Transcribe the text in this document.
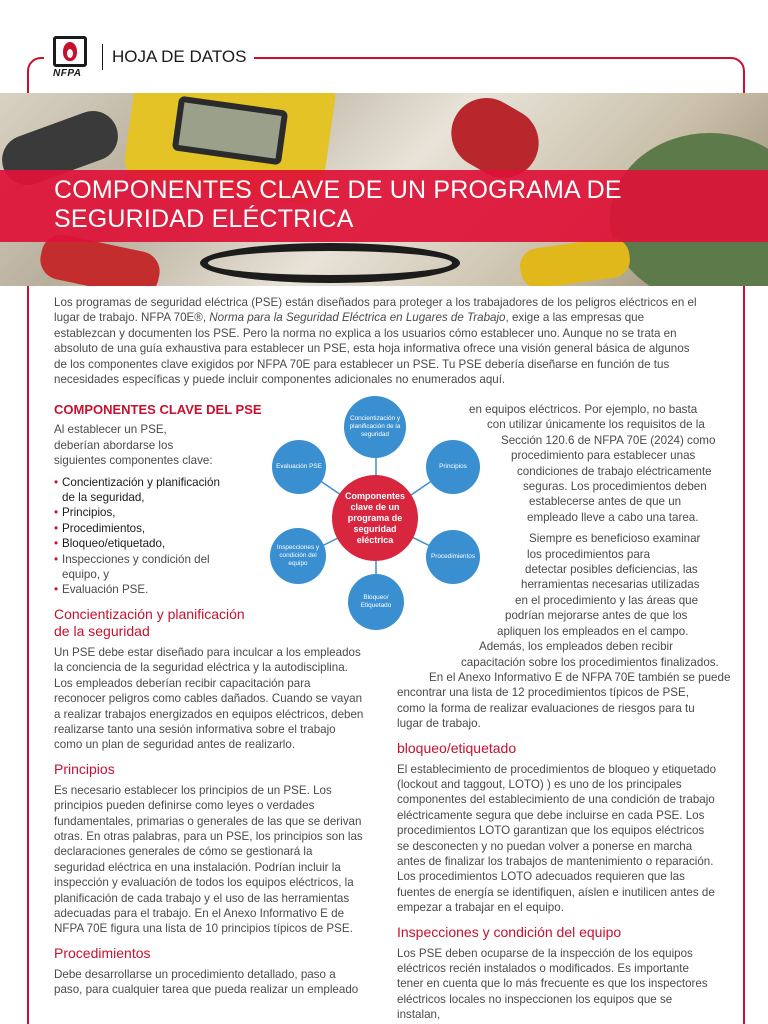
NFPA
HOJA DE DATOS
COMPONENTES CLAVE DE UN PROGRAMA DE SEGURIDAD ELÉCTRICA
Los programas de seguridad eléctrica (PSE) están diseñados para proteger a los trabajadores de los peligros eléctricos en el lugar de trabajo. NFPA 70E®, Norma para la Seguridad Eléctrica en Lugares de Trabajo, exige a las empresas que establezcan y documenten los PSE. Pero la norma no explica a los usuarios cómo establecer uno. Aunque no se trata en absoluto de una guía exhaustiva para establecer un PSE, esta hoja informativa ofrece una visión general básica de algunos de los componentes clave exigidos por NFPA 70E para establecer un PSE. Tu PSE debería diseñarse en función de tus necesidades específicas y puede incluir componentes adicionales no enumerados aquí.
COMPONENTES CLAVE DEL PSE
Al establecer un PSE, deberían abordarse los siguientes componentes clave:
• Concientización y planificación de la seguridad,
• Principios,
• Procedimientos,
• Bloqueo/etiquetado,
• Inspecciones y condición del equipo, y
• Evaluación PSE.
Concientización y planificación de la seguridad

Un PSE debe estar diseñado para inculcar a los empleados la conciencia de la seguridad eléctrica y la autodisciplina. Los empleados deberían recibir capacitación para reconocer peligros como cables dañados. Cuando se vayan a realizar trabajos energizados en equipos eléctricos, deben realizarse tanto una sesión informativa sobre el trabajo como un plan de seguridad antes de realizarlo.

Principios

Es necesario establecer los principios de un PSE. Los principios pueden definirse como leyes o verdades fundamentales, primarias o generales de las que se derivan otras. En otras palabras, para un PSE, los principios son las declaraciones generales de cómo se gestionará la seguridad eléctrica en una instalación. Podrían incluir la inspección y evaluación de todos los equipos eléctricos, la planificación de cada trabajo y el uso de las herramientas adecuadas para el trabajo. En el Anexo Informativo E de NFPA 70E figura una lista de 10 principios típicos de PSE.

Procedimientos

Debe desarrollarse un procedimiento detallado, paso a paso, para cualquier tarea que pueda realizar un empleado

Concientización y planificación de la seguridad
Principios
Procedimientos
Bloqueo/ Etiquetado
Inspecciones y condición del equipo
Evaluación PSE
Componentes clave de un programa de seguridad eléctrica
en equipos eléctricos. Por ejemplo, no basta
con utilizar únicamente los requisitos de la
Sección 120.6 de NFPA 70E (2024) como
procedimiento para establecer unas
condiciones de trabajo eléctricamente
seguras. Los procedimientos deben
establecerse antes de que un
empleado lleve a cabo una tarea.
Siempre es beneficioso examinar
los procedimientos para
detectar posibles deficiencias, las
herramientas necesarias utilizadas
en el procedimiento y las áreas que
podrían mejorarse antes de que los
apliquen los empleados en el campo.
Además, los empleados deben recibir
capacitación sobre los procedimientos finalizados.
En el Anexo Informativo E de NFPA 70E también se puede

encontrar una lista de 12 procedimientos típicos de PSE, como la forma de realizar evaluaciones de riesgos para tu lugar de trabajo.

bloqueo/etiquetado

El establecimiento de procedimientos de bloqueo y etiquetado (lockout and taggout, LOTO) ) es uno de los principales componentes del establecimiento de una condición de trabajo eléctricamente segura que debe incluirse en cada PSE. Los procedimientos LOTO garantizan que los equipos eléctricos se desconecten y no puedan volver a ponerse en marcha antes de finalizar los trabajos de mantenimiento o reparación. Los procedimientos LOTO adecuados requieren que las fuentes de energía se identifiquen, aíslen e inutilicen antes de empezar a trabajar en el equipo.

Inspecciones y condición del equipo

Los PSE deben ocuparse de la inspección de los equipos eléctricos recién instalados o modificados. Es importante tener en cuenta que lo más frecuente es que los inspectores eléctricos locales no inspeccionen los equipos que se instalan,
